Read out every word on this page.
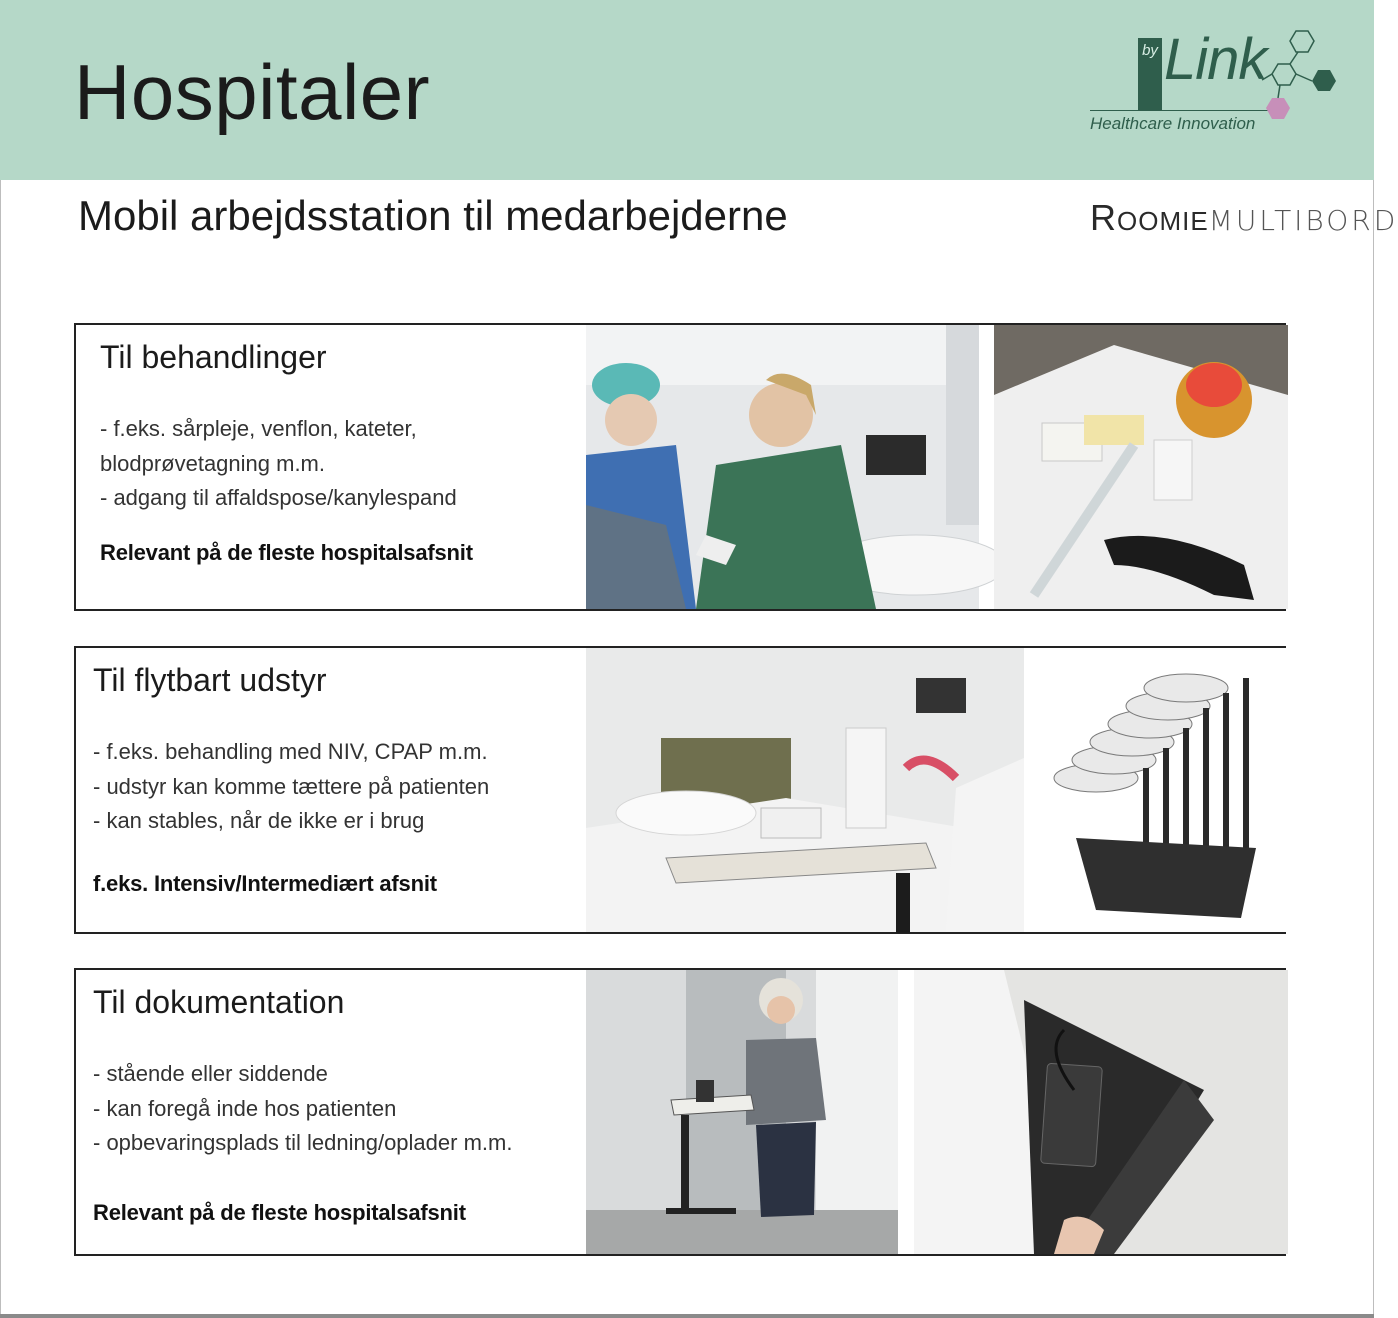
Hospitaler	by Link
Healthcare Innovation
Mobil arbejdsstation til medarbejderne	ROOMIEMULTIBORD
Til behandlinger
- f.eks. sårpleje, venflon, kateter,
blodprøvetagning m.m.
- adgang til affaldspose/kanylespand
Relevant på de fleste hospitalsafsnit
Til flytbart udstyr
- f.eks. behandling med NIV, CPAP m.m.
- udstyr kan komme tættere på patienten
- kan stables, når de ikke er i brug
f.eks. Intensiv/Intermediært afsnit
Til dokumentation
- stående eller siddende
- kan foregå inde hos patienten
- opbevaringsplads til ledning/oplader m.m.
Relevant på de fleste hospitalsafsnit
